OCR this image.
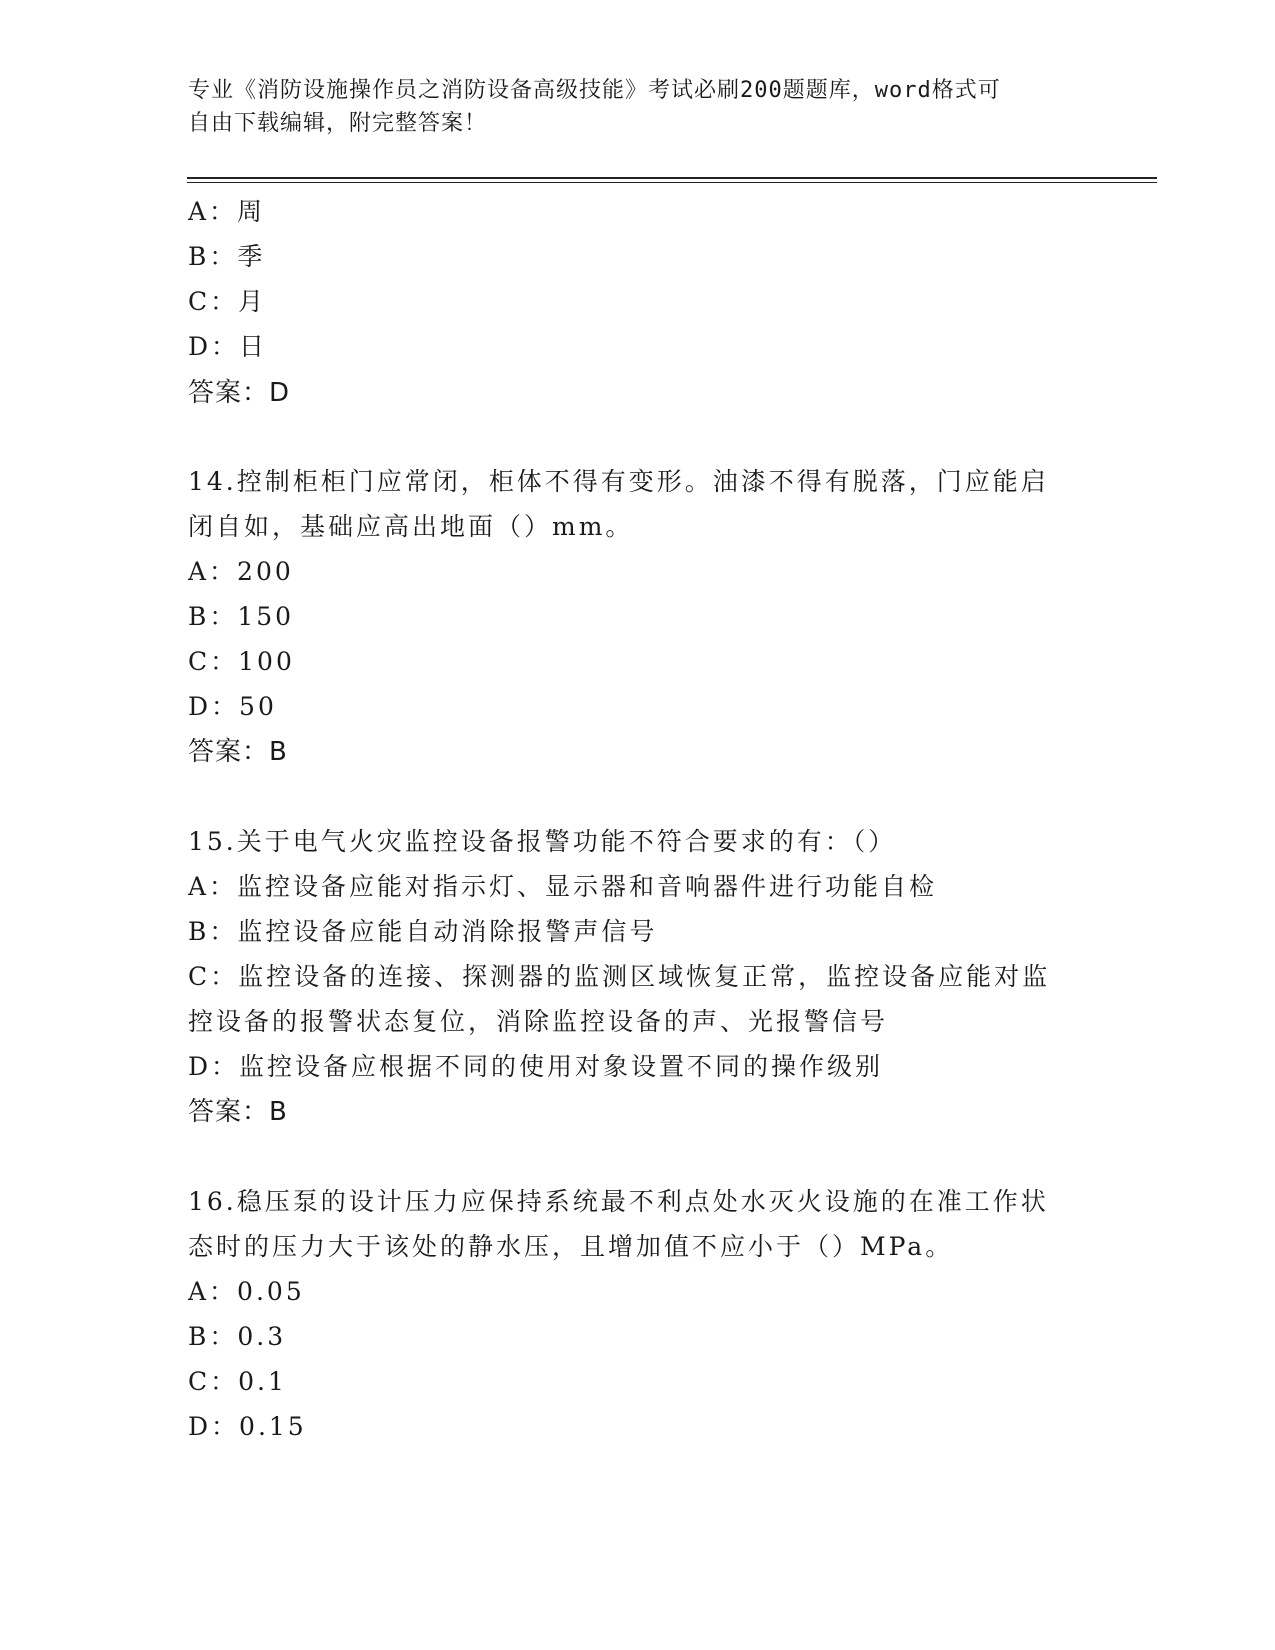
专业《消防设施操作员之消防设备高级技能》考试必刷200题题库，word格式可
自由下载编辑，附完整答案！
A：周
B：季
C：月
D：日
答案：D
14.控制柜柜门应常闭，柜体不得有变形。油漆不得有脱落，门应能启
闭自如，基础应高出地面（）mm。
A：200
B：150
C：100
D：50
答案：B
15.关于电气火灾监控设备报警功能不符合要求的有：（）
A：监控设备应能对指示灯、显示器和音响器件进行功能自检
B：监控设备应能自动消除报警声信号
C：监控设备的连接、探测器的监测区域恢复正常，监控设备应能对监
控设备的报警状态复位，消除监控设备的声、光报警信号
D：监控设备应根据不同的使用对象设置不同的操作级别
答案：B
16.稳压泵的设计压力应保持系统最不利点处水灭火设施的在准工作状
态时的压力大于该处的静水压，且增加值不应小于（）MPa。
A：0.05
B：0.3
C：0.1
D：0.15
